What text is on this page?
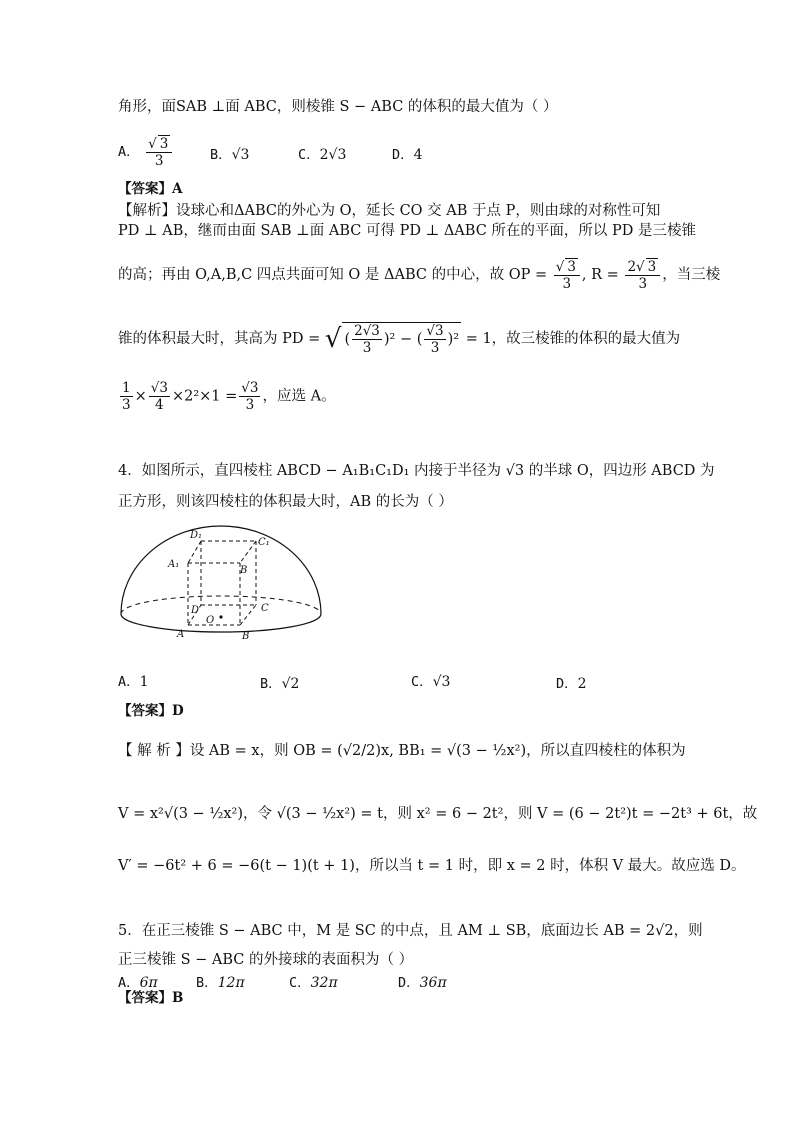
角形，面SAB ⊥面 ABC，则棱锥 S − ABC 的体积的最大值为（ ）
A． $\frac{√ 3}{3}$	B．√3	C．2√3	D．4
【答案】A
【解析】设球心和ΔABC的外心为 O，延长 CO 交 AB 于点 P，则由球的对称性可知
PD ⊥ AB，继而由面 SAB ⊥面 ABC 可得 PD ⊥ ΔABC 所在的平面，所以 PD 是三棱锥
的高；再由 O,A,B,C 四点共面可知 O 是 ΔABC 的中心，故 OP = $\frac{√ 3}{3}$ , $R = \frac{2√ 3}{3}$ ，当三棱
锥的体积最大时，其高为 PD = √ ( $\frac{2√3}{3} )^2$ − ( $\frac{√3}{3} )^2 = 1$，故三棱锥的体积的最大值为
$\frac{1}{3} \times \frac{√3}{4} \times 2^2\times 1 = \frac{√3}{3}$ ，应选 A。
4．如图所示，直四棱柱 ABCD − A₁B₁C₁D₁ 内接于半径为 √3 的半球 O，四边形 ABCD 为
正方形，则该四棱柱的体积最大时，AB 的长为（ ）
D₁
C₁
A₁
B
D	C
O
A	B
A．1	B．√2	C．√3	D．2
【答案】D
【 解 析 】设 AB = x，则 OB = (√2/2)x, BB₁ = √(3 − ½x²)，所以直四棱柱的体积为
V = x²√(3 − ½x²)，令 √(3 − ½x²) = t，则 x² = 6 − 2t²，则 V = (6 − 2t²)t = −2t³ + 6t，故
V′ = −6t² + 6 = −6(t − 1)(t + 1)，所以当 t = 1 时，即 x = 2 时，体积 V 最大。故应选 D。
5．在正三棱锥 S − ABC 中，M 是 SC 的中点，且 AM ⊥ SB，底面边长 AB = 2√2，则
正三棱锥 S − ABC 的外接球的表面积为（ ）
A．6π	B．12π	C．32π	D．36π
【答案】B
